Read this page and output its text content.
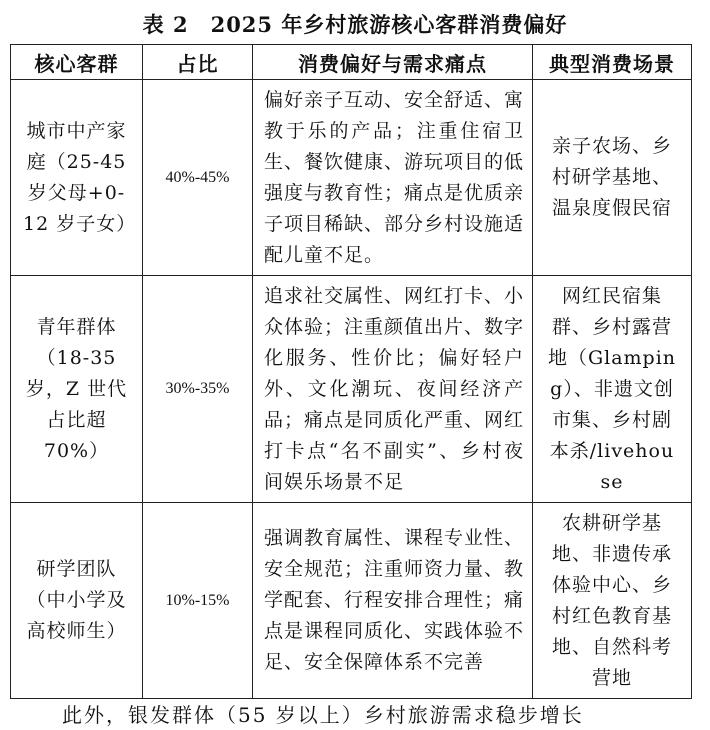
表 2　2025 年乡村旅游核心客群消费偏好
核心客群	占比	消费偏好与需求痛点	典型消费场景

城市中产家庭（25-45 岁父母+0-12 岁子女）	40%-45%	偏好亲子互动、安全舒适、寓教于乐的产品；注重住宿卫生、餐饮健康、游玩项目的低强度与教育性；痛点是优质亲子项目稀缺、部分乡村设施适配儿童不足。	亲子农场、乡村研学基地、温泉度假民宿

青年群体（18-35 岁，Z 世代占比超 70%）	30%-35%	追求社交属性、网红打卡、小众体验；注重颜值出片、数字化服务、性价比；偏好轻户外、文化潮玩、夜间经济产品；痛点是同质化严重、网红打卡点“名不副实”、乡村夜间娱乐场景不足	网红民宿集群、乡村露营地（Glamping）、非遗文创市集、乡村剧本杀/livehouse

研学团队（中小学及高校师生）	10%-15%	强调教育属性、课程专业性、安全规范；注重师资力量、教学配套、行程安排合理性；痛点是课程同质化、实践体验不足、安全保障体系不完善	农耕研学基地、非遗传承体验中心、乡村红色教育基地、自然科考营地
此外，银发群体（55 岁以上）乡村旅游需求稳步增长
